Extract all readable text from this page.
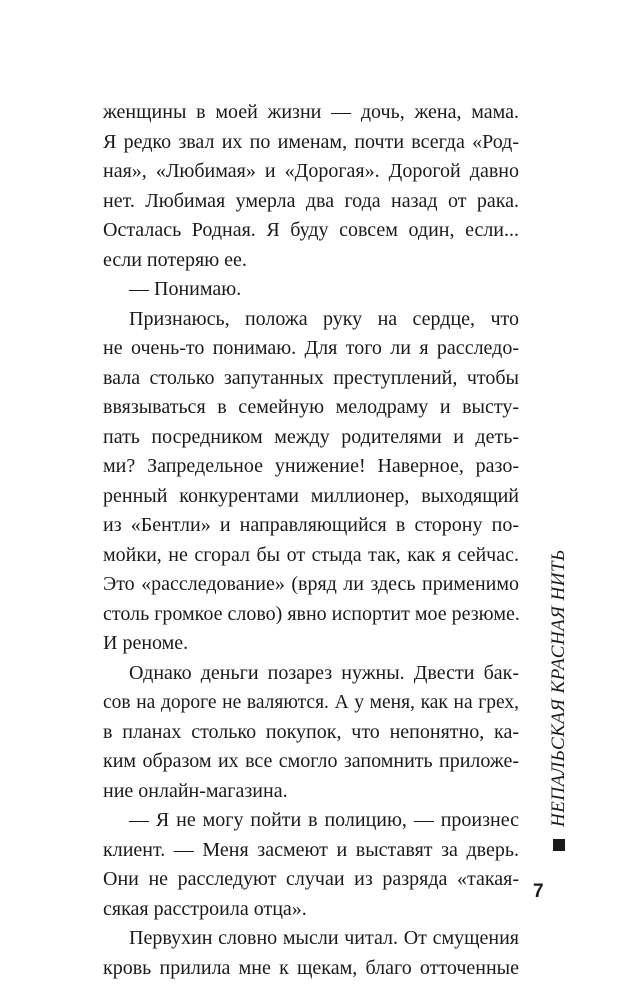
женщины в моей жизни — дочь, жена, мама.
Я редко звал их по именам, почти всегда «Род-
ная», «Любимая» и «Дорогая». Дорогой давно
нет. Любимая умерла два года назад от рака.
Осталась Родная. Я буду совсем один, если...
если потеряю ее.
— Понимаю.
Признаюсь, положа руку на сердце, что
не очень-то понимаю. Для того ли я расследо-
вала столько запутанных преступлений, чтобы
ввязываться в семейную мелодраму и высту-
пать посредником между родителями и деть-
ми? Запредельное унижение! Наверное, разо-
ренный конкурентами миллионер, выходящий
из «Бентли» и направляющийся в сторону по-
мойки, не сгорал бы от стыда так, как я сейчас.
Это «расследование» (вряд ли здесь применимо
столь громкое слово) явно испортит мое резюме.
И реноме.
Однако деньги позарез нужны. Двести бак-
сов на дороге не валяются. А у меня, как на грех,
в планах столько покупок, что непонятно, ка-
ким образом их все смогло запомнить приложе-
ние онлайн-магазина.
— Я не могу пойти в полицию, — произнес
клиент. — Меня засмеют и выставят за дверь.
Они не расследуют случаи из разряда «такая-
сякая расстроила отца».
Первухин словно мысли читал. От смущения
кровь прилила мне к щекам, благо отточенные
НЕПАЛЬСКАЯ КРАСНАЯ НИТЬ
7
